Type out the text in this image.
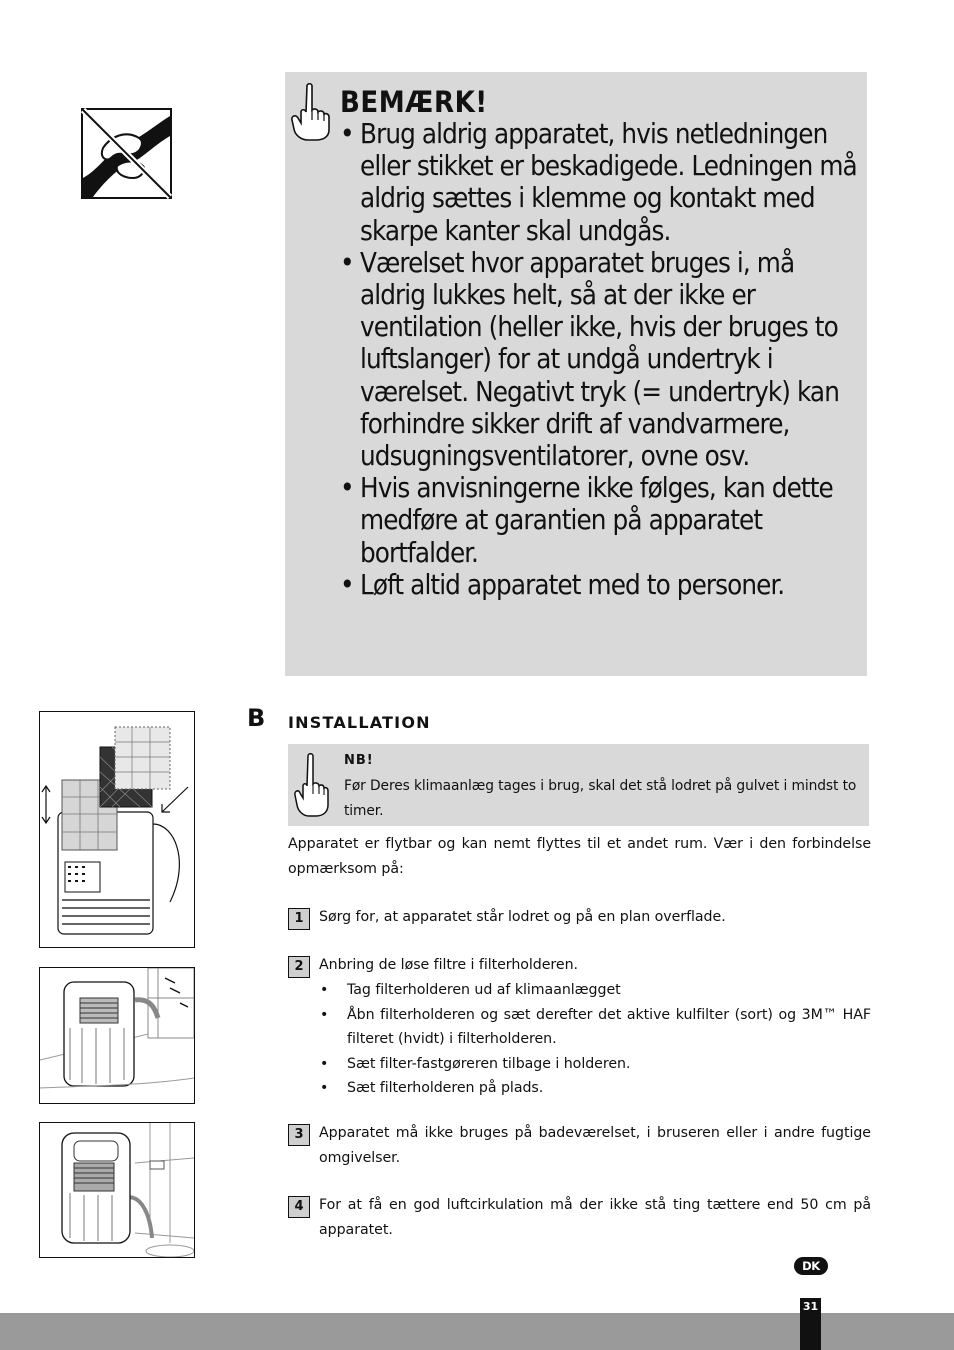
BEMÆRK!
• Brug aldrig apparatet, hvis netledningen eller stikket er beskadigede. Ledningen må aldrig sættes i klemme og kontakt med skarpe kanter skal undgås.
• Værelset hvor apparatet bruges i, må aldrig lukkes helt, så at der ikke er ventilation (heller ikke, hvis der bruges to luftslanger) for at undgå undertryk i værelset. Negativt tryk (= undertryk) kan forhindre sikker drift af vandvarmere, udsugningsventilatorer, ovne osv.
• Hvis anvisningerne ikke følges, kan dette medføre at garantien på apparatet bortfalder.
• Løft altid apparatet med to personer.
B INSTALLATION
NB!
Før Deres klimaanlæg tages i brug, skal det stå lodret på gulvet i mindst to timer.
Apparatet er flytbar og kan nemt flyttes til et andet rum. Vær i den forbindelse opmærksom på:
1	Sørg for, at apparatet står lodret og på en plan overflade.
2	Anbring de løse filtre i filterholderen.
• Tag filterholderen ud af klimaanlægget
• Åbn filterholderen og sæt derefter det aktive kulfilter (sort) og 3M™ HAF filteret (hvidt) i filterholderen.
• Sæt filter-fastgøreren tilbage i holderen.
• Sæt filterholderen på plads.
3	Apparatet må ikke bruges på badeværelset, i bruseren eller i andre fugtige omgivelser.
4	For at få en god luftcirkulation må der ikke stå ting tættere end 50 cm på apparatet.
DK
31
